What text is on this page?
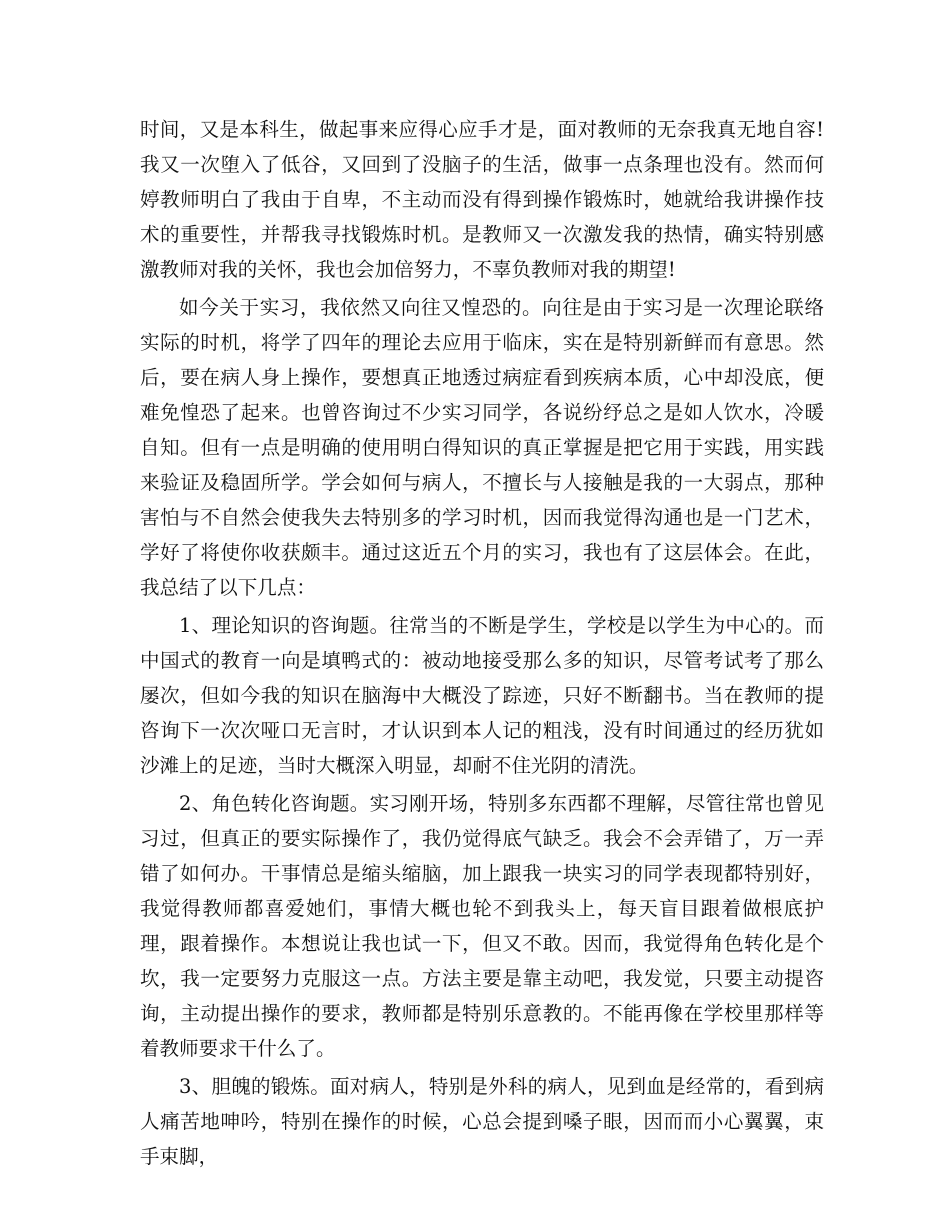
时间，又是本科生，做起事来应得心应手才是，面对教师的无奈我真无地自容!我又一次堕入了低谷，又回到了没脑子的生活，做事一点条理也没有。然而何婷教师明白了我由于自卑，不主动而没有得到操作锻炼时，她就给我讲操作技术的重要性，并帮我寻找锻炼时机。是教师又一次激发我的热情，确实特别感激教师对我的关怀，我也会加倍努力，不辜负教师对我的期望!

如今关于实习，我依然又向往又惶恐的。向往是由于实习是一次理论联络实际的时机，将学了四年的理论去应用于临床，实在是特别新鲜而有意思。然后，要在病人身上操作，要想真正地透过病症看到疾病本质，心中却没底，便难免惶恐了起来。也曾咨询过不少实习同学，各说纷纾总之是如人饮水，冷暖自知。但有一点是明确的使用明白得知识的真正掌握是把它用于实践，用实践来验证及稳固所学。学会如何与病人，不擅长与人接触是我的一大弱点，那种害怕与不自然会使我失去特别多的学习时机，因而我觉得沟通也是一门艺术，学好了将使你收获颇丰。通过这近五个月的实习，我也有了这层体会。在此，我总结了以下几点：

1、理论知识的咨询题。往常当的不断是学生，学校是以学生为中心的。而中国式的教育一向是填鸭式的：被动地接受那么多的知识，尽管考试考了那么屡次，但如今我的知识在脑海中大概没了踪迹，只好不断翻书。当在教师的提咨询下一次次哑口无言时，才认识到本人记的粗浅，没有时间通过的经历犹如沙滩上的足迹，当时大概深入明显，却耐不住光阴的清洗。

2、角色转化咨询题。实习刚开场，特别多东西都不理解，尽管往常也曾见习过，但真正的要实际操作了，我仍觉得底气缺乏。我会不会弄错了，万一弄错了如何办。干事情总是缩头缩脑，加上跟我一块实习的同学表现都特别好，我觉得教师都喜爱她们，事情大概也轮不到我头上，每天盲目跟着做根底护理，跟着操作。本想说让我也试一下，但又不敢。因而，我觉得角色转化是个坎，我一定要努力克服这一点。方法主要是靠主动吧，我发觉，只要主动提咨询，主动提出操作的要求，教师都是特别乐意教的。不能再像在学校里那样等着教师要求干什么了。

3、胆魄的锻炼。面对病人，特别是外科的病人，见到血是经常的，看到病人痛苦地呻吟，特别在操作的时候，心总会提到嗓子眼，因而而小心翼翼，束手束脚，
